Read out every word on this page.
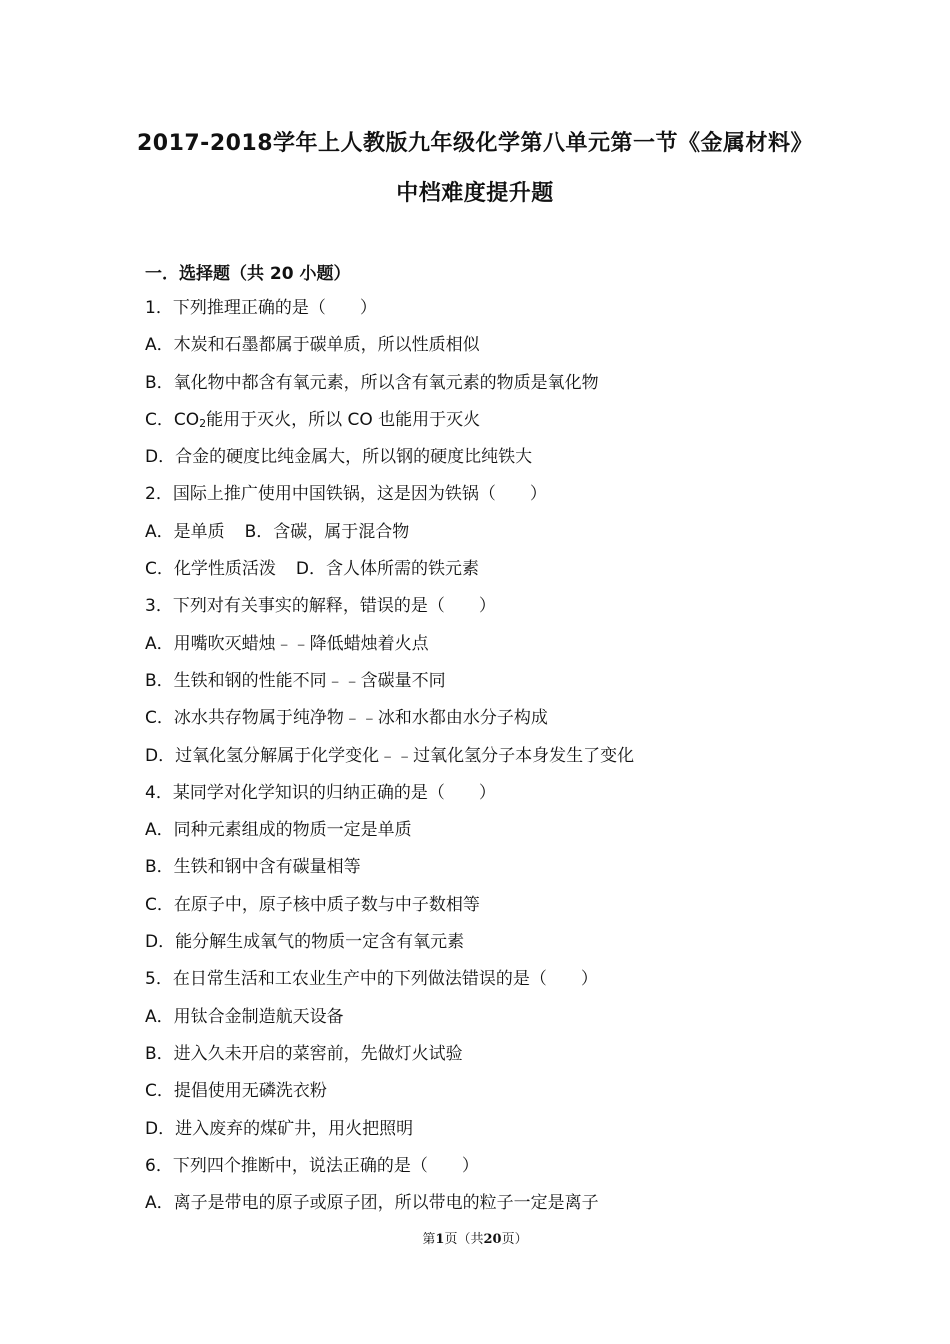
2017-2018学年上人教版九年级化学第八单元第一节《金属材料》
中档难度提升题
一．选择题（共 20 小题）
1．下列推理正确的是（　　）
A．木炭和石墨都属于碳单质，所以性质相似
B．氧化物中都含有氧元素，所以含有氧元素的物质是氧化物
C．$CO_2$能用于灭火，所以 CO 也能用于灭火
D．合金的硬度比纯金属大，所以钢的硬度比纯铁大
2．国际上推广使用中国铁锅，这是因为铁锅（　　）
A．是单质 B．含碳，属于混合物
C．化学性质活泼 D．含人体所需的铁元素
3．下列对有关事实的解释，错误的是（　　）
A．用嘴吹灭蜡烛﹣﹣降低蜡烛着火点
B．生铁和钢的性能不同﹣﹣含碳量不同
C．冰水共存物属于纯净物﹣﹣冰和水都由水分子构成
D．过氧化氢分解属于化学变化﹣﹣过氧化氢分子本身发生了变化
4．某同学对化学知识的归纳正确的是（　　）
A．同种元素组成的物质一定是单质
B．生铁和钢中含有碳量相等
C．在原子中，原子核中质子数与中子数相等
D．能分解生成氧气的物质一定含有氧元素
5．在日常生活和工农业生产中的下列做法错误的是（　　）
A．用钛合金制造航天设备
B．进入久未开启的菜窖前，先做灯火试验
C．提倡使用无磷洗衣粉
D．进入废弃的煤矿井，用火把照明
6．下列四个推断中，说法正确的是（　　）
A．离子是带电的原子或原子团，所以带电的粒子一定是离子
第1页（共20页）
